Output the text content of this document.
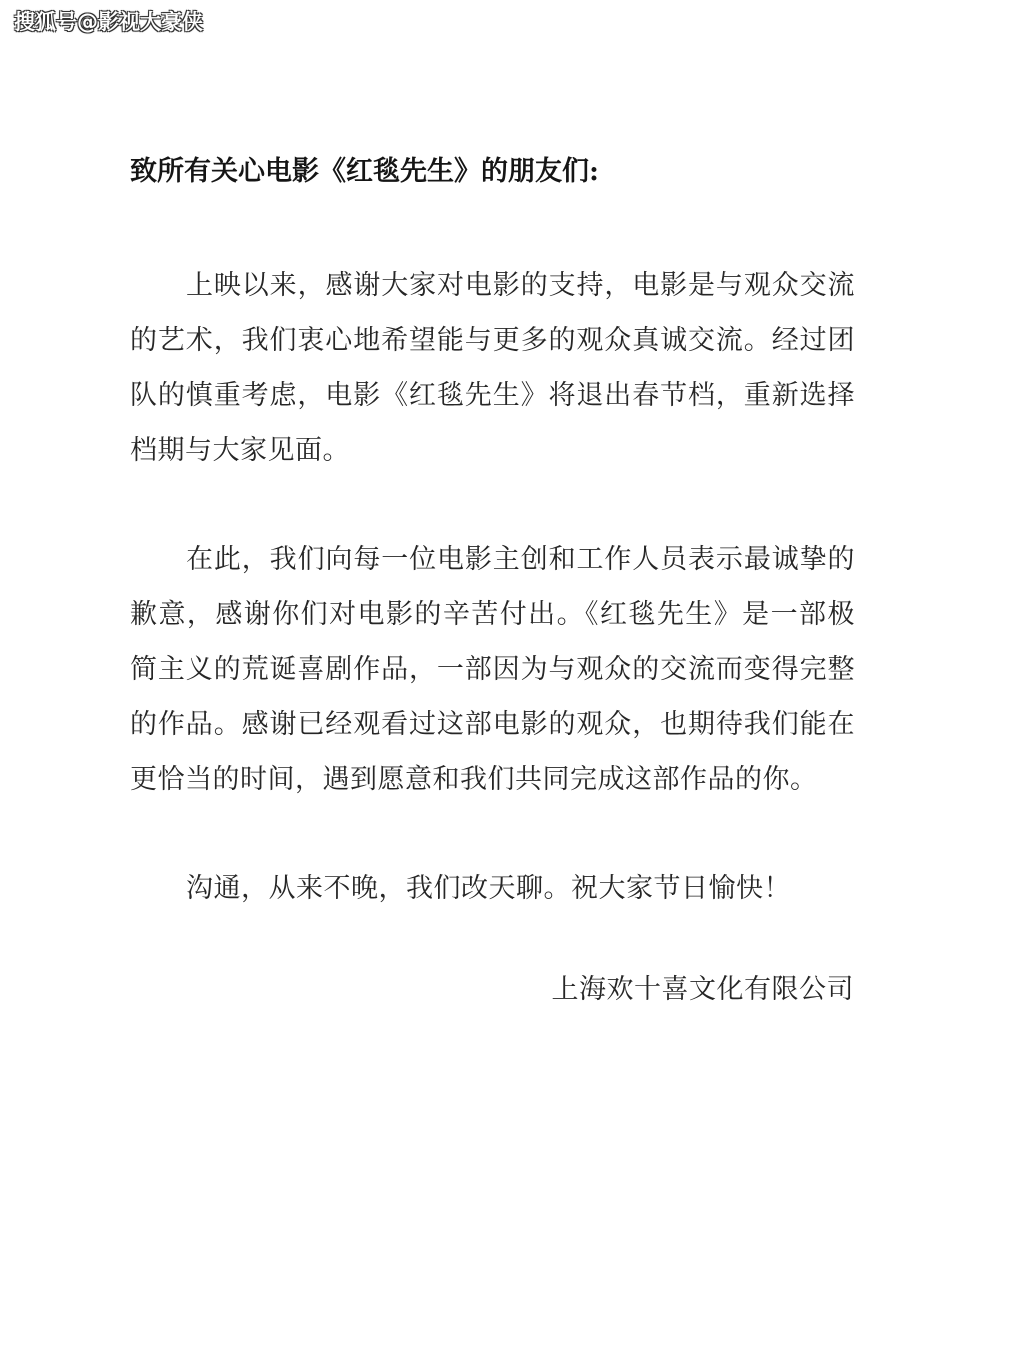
搜狐号@影视大豪侠

致所有关心电影《红毯先生》的朋友们:

上映以来，感谢大家对电影的支持，电影是与观众交流的艺术，我们衷心地希望能与更多的观众真诚交流。经过团队的慎重考虑，电影《红毯先生》将退出春节档，重新选择档期与大家见面。

在此，我们向每一位电影主创和工作人员表示最诚挚的歉意，感谢你们对电影的辛苦付出。《红毯先生》是一部极简主义的荒诞喜剧作品，一部因为与观众的交流而变得完整的作品。感谢已经观看过这部电影的观众，也期待我们能在更恰当的时间，遇到愿意和我们共同完成这部作品的你。

沟通，从来不晚，我们改天聊。祝大家节日愉快！

上海欢十喜文化有限公司
